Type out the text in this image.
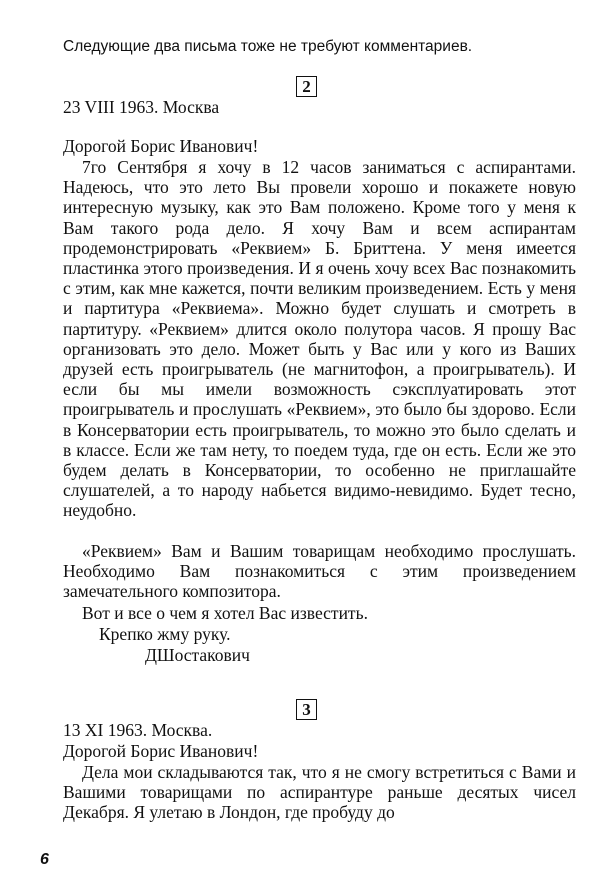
Следующие два письма тоже не требуют комментариев.
2
23 VIII 1963. Москва
Дорогой Борис Иванович!
7го Сентября я хочу в 12 часов заниматься с аспирантами. Надеюсь, что это лето Вы провели хорошо и покажете новую интересную музыку, как это Вам положено. Кроме того у меня к Вам такого рода дело. Я хочу Вам и всем аспирантам продемонстрировать «Реквием» Б. Бриттена. У меня имеется пластинка этого произведения. И я очень хочу всех Вас познакомить с этим, как мне кажется, почти великим произведением. Есть у меня и партитура «Реквиема». Можно будет слушать и смотреть в партитуру. «Реквием» длится около полутора часов. Я прошу Вас организовать это дело. Может быть у Вас или у кого из Ваших друзей есть проигрыватель (не магнитофон, а проигрыватель). И если бы мы имели возможность сэксплуатировать этот проигрыватель и прослушать «Реквием», это было бы здорово. Если в Консерватории есть проигрыватель, то можно это было сделать и в классе. Если же там нету, то поедем туда, где он есть. Если же это будем делать в Консерватории, то особенно не приглашайте слушателей, а то народу набьется видимо-невидимо. Будет тесно, неудобно.
«Реквием» Вам и Вашим товарищам необходимо прослушать. Необходимо Вам познакомиться с этим произведением замечательного композитора.
Вот и все о чем я хотел Вас известить.
Крепко жму руку.
ДШостакович
3
13 XI 1963. Москва.
Дорогой Борис Иванович!
Дела мои складываются так, что я не смогу встретиться с Вами и Вашими товарищами по аспирантуре раньше десятых чисел Декабря. Я улетаю в Лондон, где пробуду до
6
